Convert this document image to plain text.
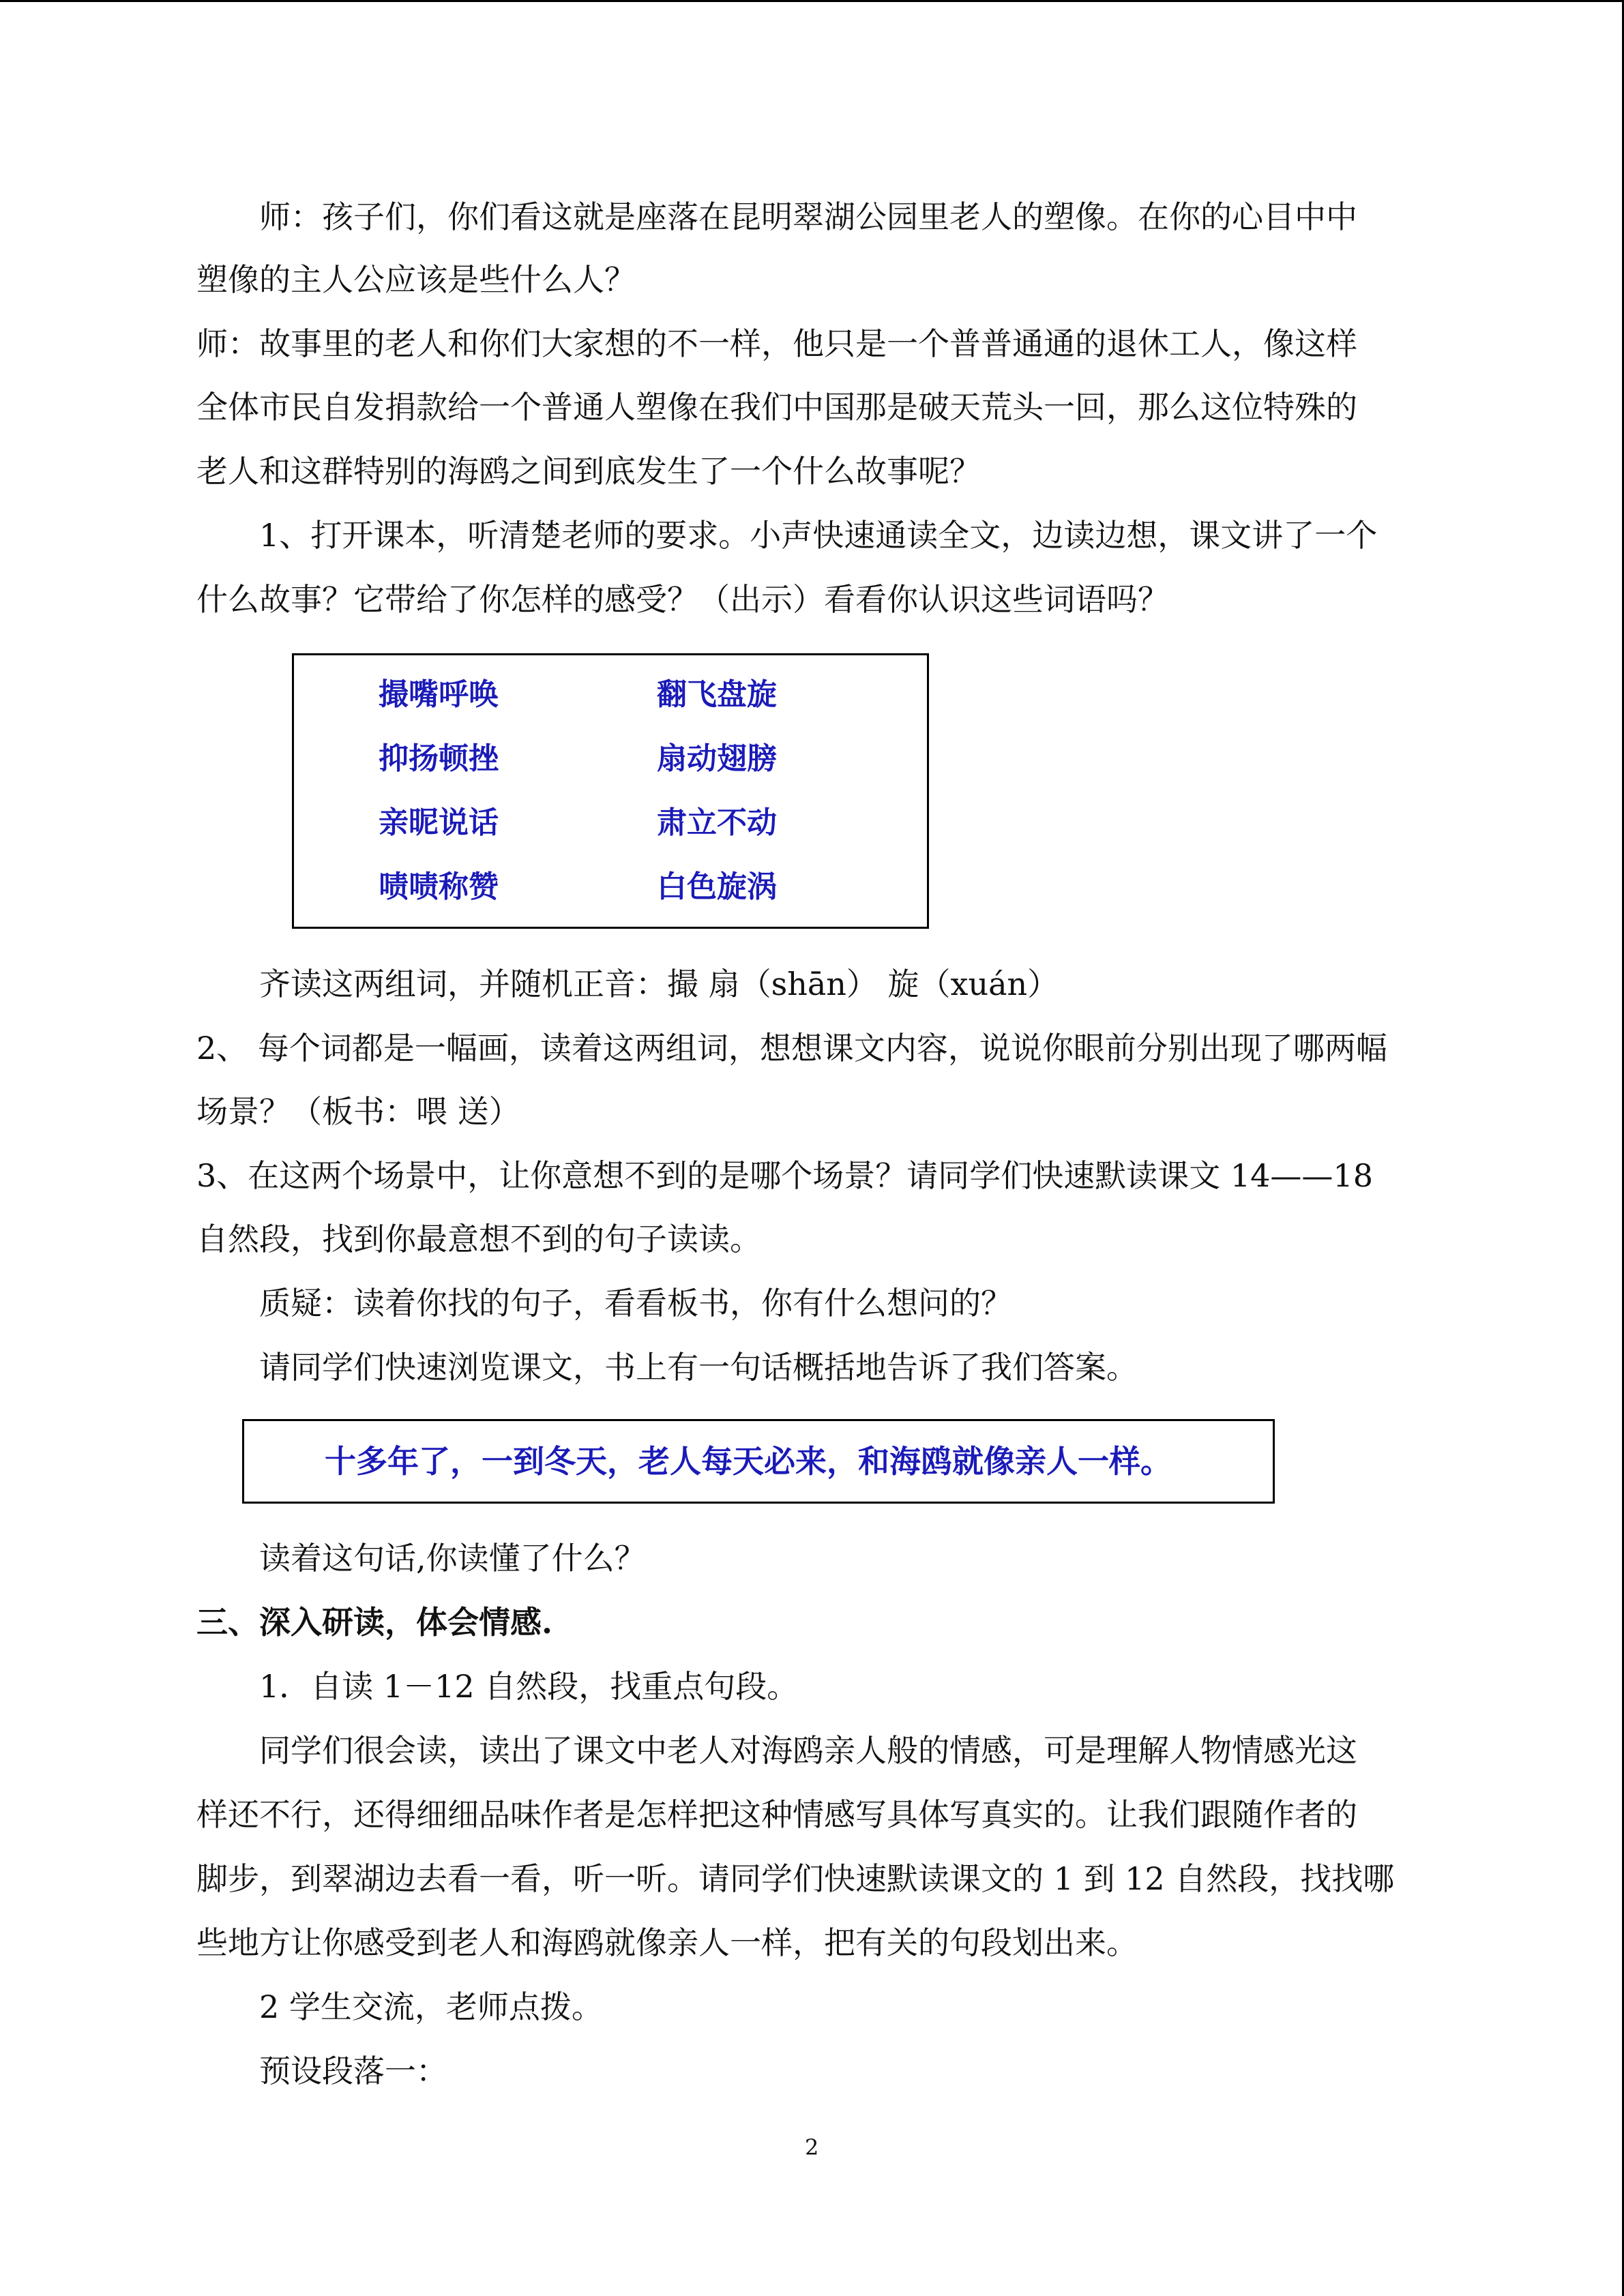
师：孩子们，你们看这就是座落在昆明翠湖公园里老人的塑像。在你的心目中中
塑像的主人公应该是些什么人？
师：故事里的老人和你们大家想的不一样，他只是一个普普通通的退休工人，像这样
全体市民自发捐款给一个普通人塑像在我们中国那是破天荒头一回，那么这位特殊的
老人和这群特别的海鸥之间到底发生了一个什么故事呢？
1、打开课本，听清楚老师的要求。小声快速通读全文，边读边想，课文讲了一个
什么故事？它带给了你怎样的感受？（出示）看看你认识这些词语吗？
撮嘴呼唤	翻飞盘旋
抑扬顿挫	扇动翅膀
亲昵说话	肃立不动
啧啧称赞	白色旋涡
齐读这两组词，并随机正音：撮 扇（shān） 旋（xuán）
2、 每个词都是一幅画，读着这两组词，想想课文内容，说说你眼前分别出现了哪两幅
场景？（板书：喂 送）
3、在这两个场景中，让你意想不到的是哪个场景？请同学们快速默读课文 14——18
自然段，找到你最意想不到的句子读读。
质疑：读着你找的句子，看看板书，你有什么想问的？
请同学们快速浏览课文，书上有一句话概括地告诉了我们答案。
十多年了，一到冬天，老人每天必来，和海鸥就像亲人一样。
读着这句话,你读懂了什么？
三、深入研读，体会情感.
1．自读 1－12 自然段，找重点句段。
同学们很会读，读出了课文中老人对海鸥亲人般的情感，可是理解人物情感光这
样还不行，还得细细品味作者是怎样把这种情感写具体写真实的。让我们跟随作者的
脚步，到翠湖边去看一看，听一听。请同学们快速默读课文的 1 到 12 自然段，找找哪
些地方让你感受到老人和海鸥就像亲人一样，把有关的句段划出来。
2 学生交流，老师点拨。
预设段落一：
2
